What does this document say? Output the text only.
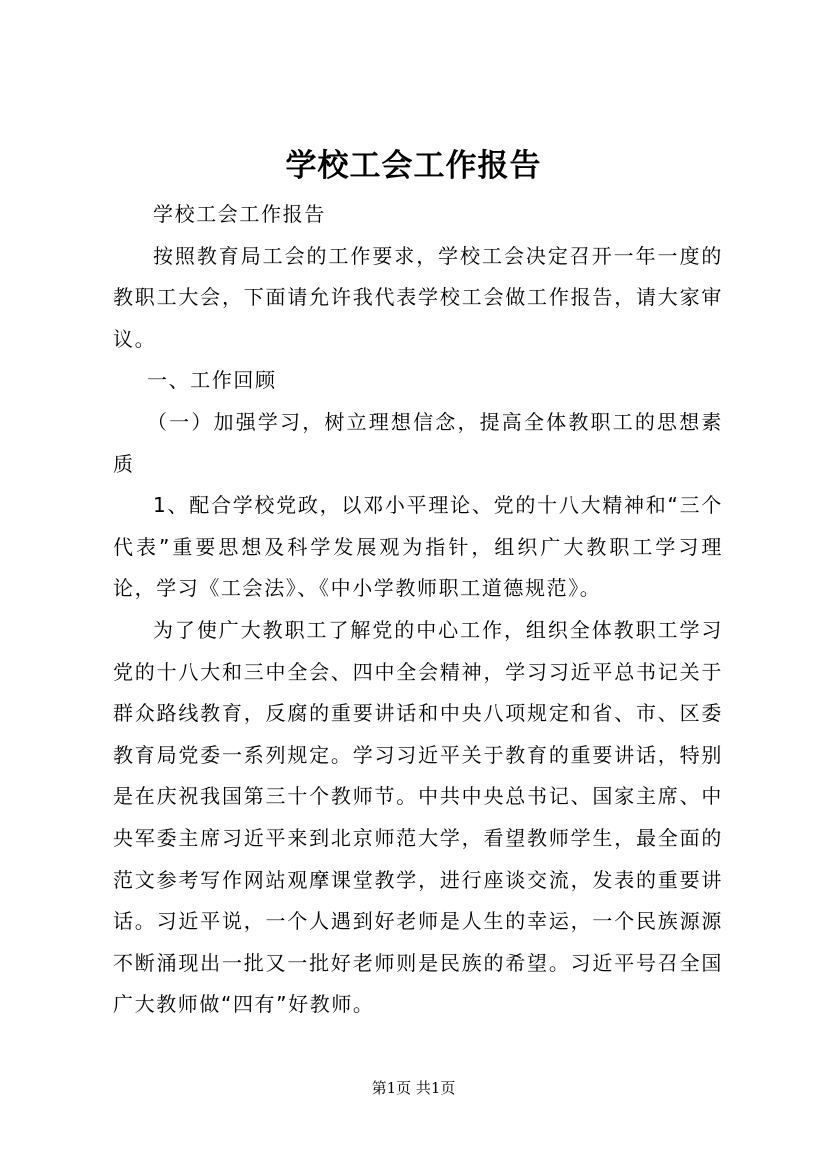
学校工会工作报告

学校工会工作报告

按照教育局工会的工作要求，学校工会决定召开一年一度的教职工大会，下面请允许我代表学校工会做工作报告，请大家审议。

一、工作回顾

（一）加强学习，树立理想信念，提高全体教职工的思想素质

1、配合学校党政，以邓小平理论、党的十八大精神和“三个代表”重要思想及科学发展观为指针，组织广大教职工学习理论，学习《工会法》、《中小学教师职工道德规范》。

为了使广大教职工了解党的中心工作，组织全体教职工学习党的十八大和三中全会、四中全会精神，学习习近平总书记关于群众路线教育，反腐的重要讲话和中央八项规定和省、市、区委教育局党委一系列规定。学习习近平关于教育的重要讲话，特别是在庆祝我国第三十个教师节。中共中央总书记、国家主席、中央军委主席习近平来到北京师范大学，看望教师学生，最全面的范文参考写作网站观摩课堂教学，进行座谈交流，发表的重要讲话。习近平说，一个人遇到好老师是人生的幸运，一个民族源源不断涌现出一批又一批好老师则是民族的希望。习近平号召全国广大教师做“四有”好教师。

第1页 共1页
